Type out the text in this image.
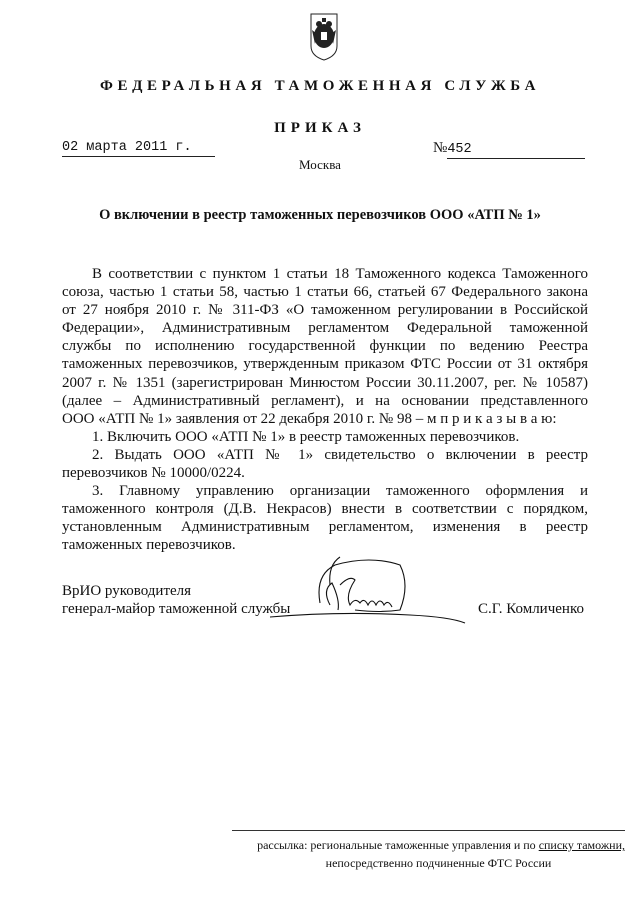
ФЕДЕРАЛЬНАЯ ТАМОЖЕННАЯ СЛУЖБА
ПРИКАЗ
02 марта 2011 г.	№452
Москва
О включении в реестр таможенных перевозчиков ООО «АТП № 1»
В соответствии с пунктом 1 статьи 18 Таможенного кодекса Таможенного
союза, частью 1 статьи 58, частью 1 статьи 66, статьей 67 Федерального закона
от 27 ноября 2010 г. № 311-ФЗ «О таможенном регулировании в Российской
Федерации», Административным регламентом Федеральной таможенной
службы по исполнению государственной функции по ведению Реестра
таможенных перевозчиков, утвержденным приказом ФТС России от 31 октября
2007 г. № 1351 (зарегистрирован Минюстом России 30.11.2007, рег. № 10587)
(далее – Административный регламент), и на основании представленного
ООО «АТП № 1» заявления от 22 декабря 2010 г. № 98 – м п р и к а з ы в а ю:
1. Включить ООО «АТП № 1» в реестр таможенных перевозчиков.
2. Выдать ООО «АТП № 1» свидетельство о включении в реестр
перевозчиков № 10000/0224.
3. Главному управлению организации таможенного оформления и
таможенного контроля (Д.В. Некрасов) внести в соответствии с порядком,
установленным Административным регламентом, изменения в реестр
таможенных перевозчиков.
ВрИО руководителя
генерал-майор таможенной службы	С.Г. Комличенко
рассылка: региональные таможенные управления и по списку таможни,
непосредственно подчиненные ФТС России
